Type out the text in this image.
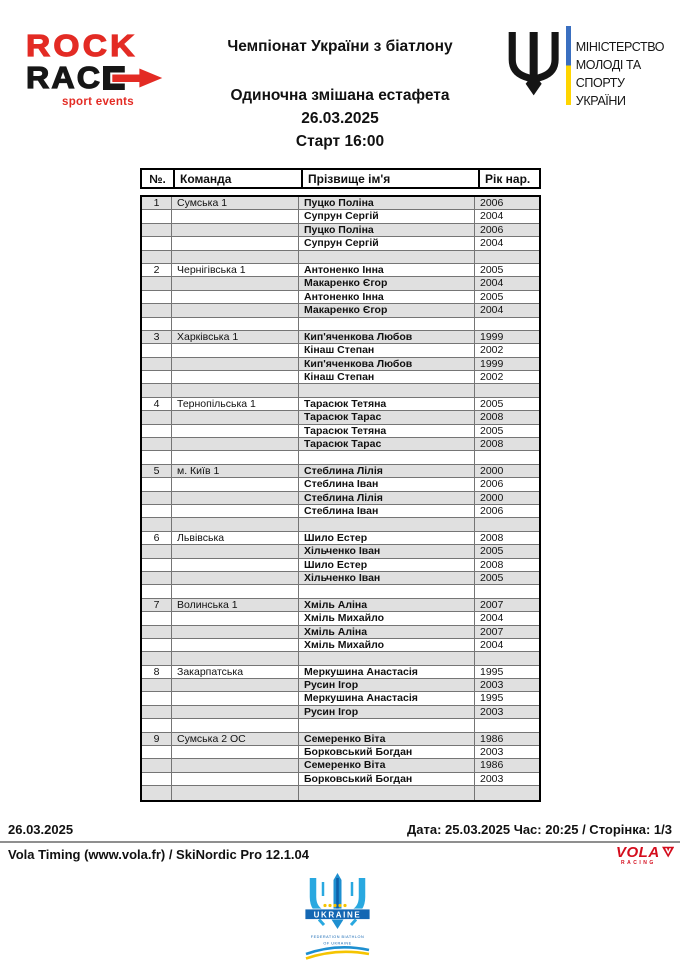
ROCK
RAC
sport events
Чемпіонат України з біатлону
Одиночна змішана естафета
26.03.2025
Старт 16:00
МІНІСТЕРСТВО
МОЛОДІ ТА СПОРТУ
УКРАЇНИ
№.	Команда	Прізвище ім'я	Рік нар.
1	Сумська 1	Пуцко Поліна	2006
Супрун Сергій	2004
Пуцко Поліна	2006
Супрун Сергій	2004
2	Чернігівська 1	Антоненко Інна	2005
Макаренко Єгор	2004
Антоненко Інна	2005
Макаренко Єгор	2004
3	Харківська 1	Кип'яченкова Любов	1999
Кінаш Степан	2002
Кип'яченкова Любов	1999
Кінаш Степан	2002
4	Тернопільська 1	Тарасюк Тетяна	2005
Тарасюк Тарас	2008
Тарасюк Тетяна	2005
Тарасюк Тарас	2008
5	м. Київ 1	Стеблина Лілія	2000
Стеблина Іван	2006
Стеблина Лілія	2000
Стеблина Іван	2006
6	Львівська	Шило Естер	2008
Хільченко Іван	2005
Шило Естер	2008
Хільченко Іван	2005
7	Волинська 1	Хміль Аліна	2007
Хміль Михайло	2004
Хміль Аліна	2007
Хміль Михайло	2004
8	Закарпатська	Меркушина Анастасія	1995
Русин Ігор	2003
Меркушина Анастасія	1995
Русин Ігор	2003
9	Сумська 2 ОС	Семеренко Віта	1986
Борковський Богдан	2003
Семеренко Віта	1986
Борковський Богдан	2003
26.03.2025	Дата: 25.03.2025 Час: 20:25 / Сторінка: 1/3
Vola Timing (www.vola.fr) / SkiNordic Pro 12.1.04	VOLA
RACING
UKRAINE
FEDERATION BIATHLON
OF UKRAINE
